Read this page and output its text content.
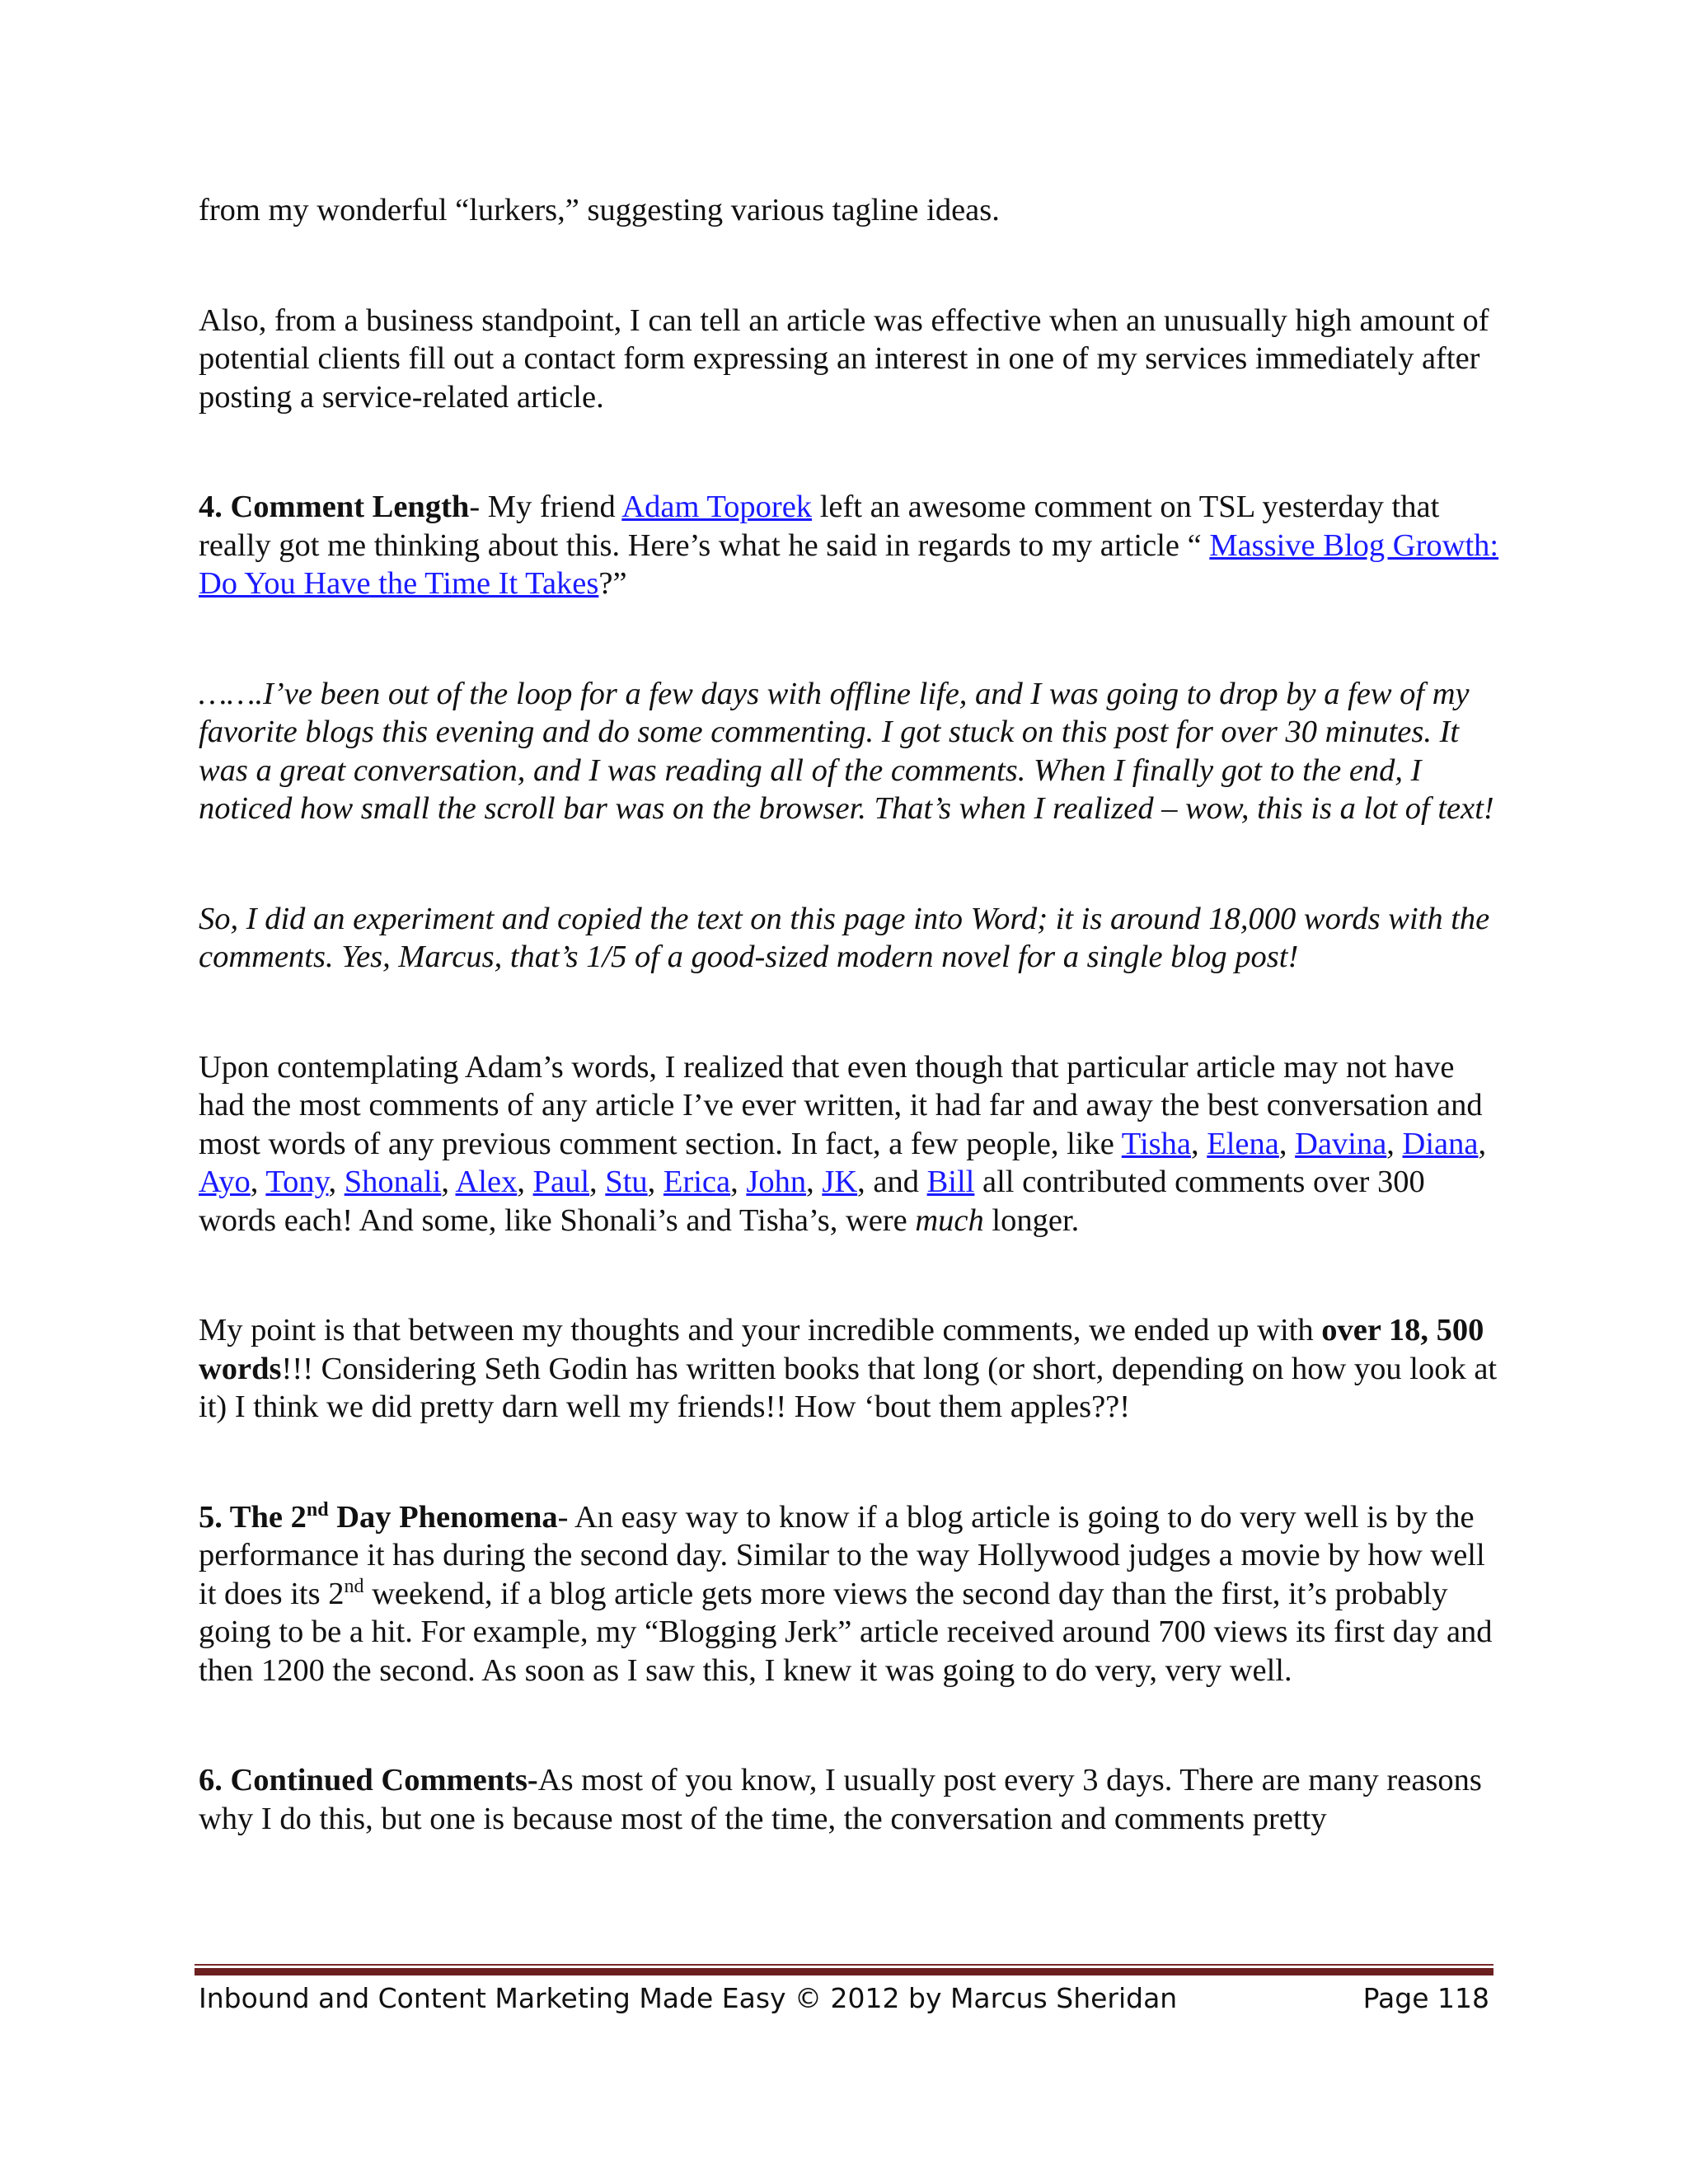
from my wonderful “lurkers,” suggesting various tagline ideas.

Also, from a business standpoint, I can tell an article was effective when an unusually high amount of potential clients fill out a contact form expressing an interest in one of my services immediately after posting a service-related article.

4. Comment Length- My friend Adam Toporek left an awesome comment on TSL yesterday that really got me thinking about this. Here’s what he said in regards to my article “ Massive Blog Growth: Do You Have the Time It Takes?”

…….I’ve been out of the loop for a few days with offline life, and I was going to drop by a few of my favorite blogs this evening and do some commenting. I got stuck on this post for over 30 minutes. It was a great conversation, and I was reading all of the comments. When I finally got to the end, I noticed how small the scroll bar was on the browser. That’s when I realized – wow, this is a lot of text!

So, I did an experiment and copied the text on this page into Word; it is around 18,000 words with the comments. Yes, Marcus, that’s 1/5 of a good-sized modern novel for a single blog post!

Upon contemplating Adam’s words, I realized that even though that particular article may not have had the most comments of any article I’ve ever written, it had far and away the best conversation and most words of any previous comment section. In fact, a few people, like Tisha, Elena, Davina, Diana, Ayo, Tony, Shonali, Alex, Paul, Stu, Erica, John, JK, and Bill all contributed comments over 300 words each! And some, like Shonali’s and Tisha’s, were much longer.

My point is that between my thoughts and your incredible comments, we ended up with over 18, 500 words!!! Considering Seth Godin has written books that long (or short, depending on how you look at it) I think we did pretty darn well my friends!! How ‘bout them apples??!

5. The 2nd Day Phenomena- An easy way to know if a blog article is going to do very well is by the performance it has during the second day. Similar to the way Hollywood judges a movie by how well it does its 2nd weekend, if a blog article gets more views the second day than the first, it’s probably going to be a hit. For example, my “Blogging Jerk” article received around 700 views its first day and then 1200 the second. As soon as I saw this, I knew it was going to do very, very well.

6. Continued Comments-As most of you know, I usually post every 3 days. There are many reasons why I do this, but one is because most of the time, the conversation and comments pretty

Inbound and Content Marketing Made Easy © 2012 by Marcus Sheridan	Page 118
